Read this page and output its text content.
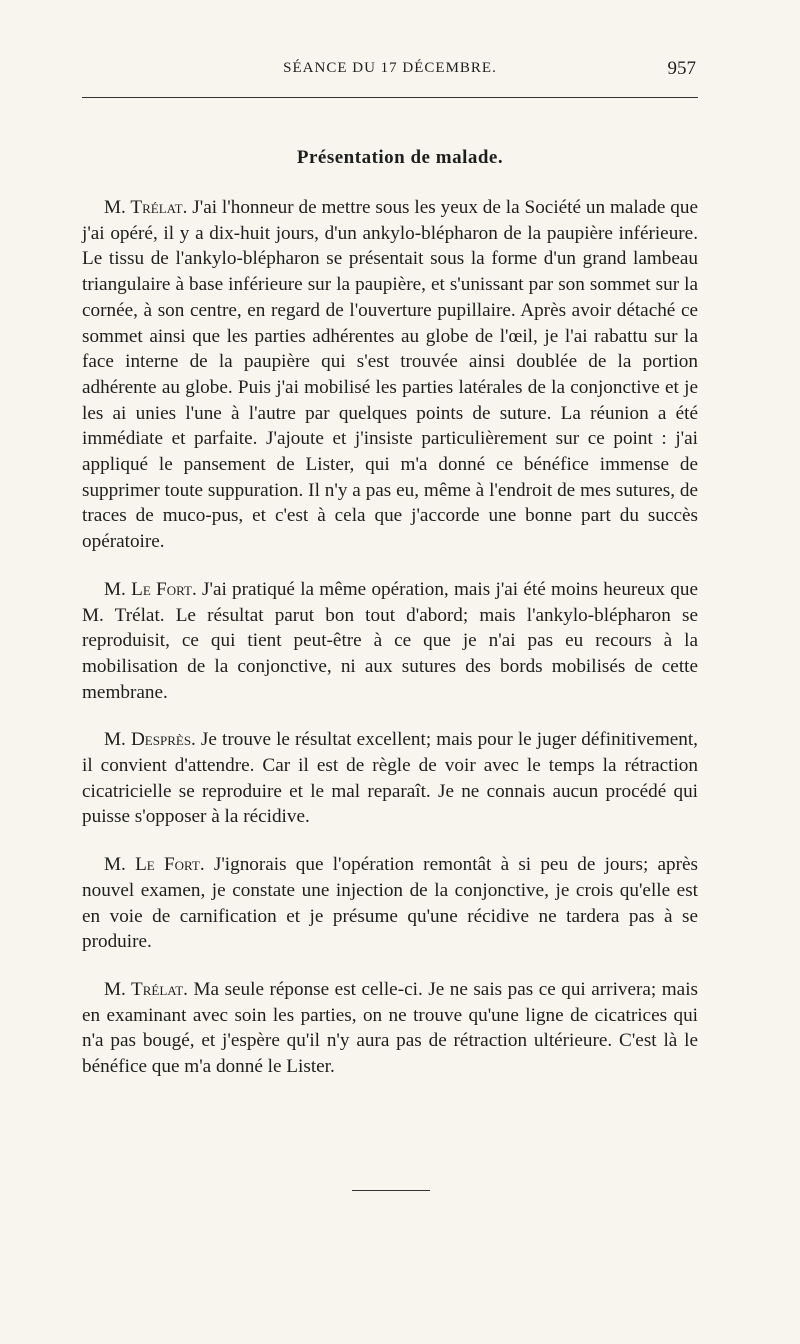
SÉANCE DU 17 DÉCEMBRE.	957
Présentation de malade.

M. Trélat. J'ai l'honneur de mettre sous les yeux de la Société un malade que j'ai opéré, il y a dix-huit jours, d'un ankylo-blépharon de la paupière inférieure. Le tissu de l'ankylo-blépharon se présentait sous la forme d'un grand lambeau triangulaire à base inférieure sur la paupière, et s'unissant par son sommet sur la cornée, à son centre, en regard de l'ouverture pupillaire. Après avoir détaché ce sommet ainsi que les parties adhérentes au globe de l'œil, je l'ai rabattu sur la face interne de la paupière qui s'est trouvée ainsi doublée de la portion adhérente au globe. Puis j'ai mobilisé les parties latérales de la conjonctive et je les ai unies l'une à l'autre par quelques points de suture. La réunion a été immédiate et parfaite. J'ajoute et j'insiste particulièrement sur ce point : j'ai appliqué le pansement de Lister, qui m'a donné ce bénéfice immense de supprimer toute suppuration. Il n'y a pas eu, même à l'endroit de mes sutures, de traces de muco-pus, et c'est à cela que j'accorde une bonne part du succès opératoire.

M. Le Fort. J'ai pratiqué la même opération, mais j'ai été moins heureux que M. Trélat. Le résultat parut bon tout d'abord; mais l'ankylo-blépharon se reproduisit, ce qui tient peut-être à ce que je n'ai pas eu recours à la mobilisation de la conjonctive, ni aux sutures des bords mobilisés de cette membrane.

M. Desprès. Je trouve le résultat excellent; mais pour le juger définitivement, il convient d'attendre. Car il est de règle de voir avec le temps la rétraction cicatricielle se reproduire et le mal reparaît. Je ne connais aucun procédé qui puisse s'opposer à la récidive.

M. Le Fort. J'ignorais que l'opération remontât à si peu de jours; après nouvel examen, je constate une injection de la conjonctive, je crois qu'elle est en voie de carnification et je présume qu'une récidive ne tardera pas à se produire.

M. Trélat. Ma seule réponse est celle-ci. Je ne sais pas ce qui arrivera; mais en examinant avec soin les parties, on ne trouve qu'une ligne de cicatrices qui n'a pas bougé, et j'espère qu'il n'y aura pas de rétraction ultérieure. C'est là le bénéfice que m'a donné le Lister.
